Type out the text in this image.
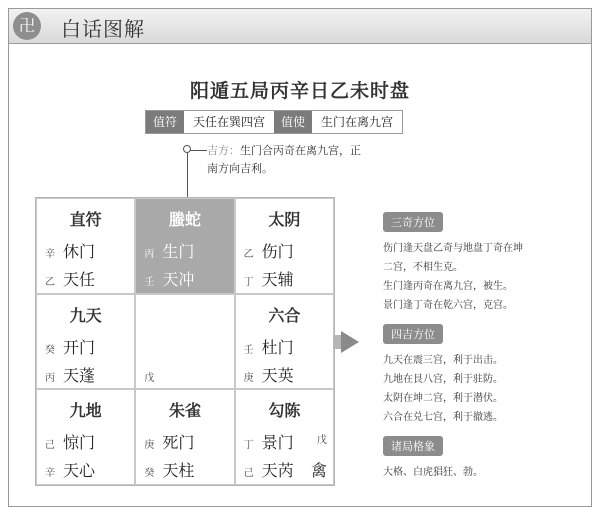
卍	白话图解
阳遁五局丙辛日乙未时盘
值符	天任在巽四宫	值使	生门在离九宫
吉方：生门合丙奇在离九宫，正南方向吉利。
直符
辛 休门
乙 天任
螣蛇
丙 生门
壬 天冲
太阴
乙 伤门
丁 天辅
九天
癸 开门
丙 天蓬	戊
六合
壬 杜门
庚 天英
九地
己 惊门
辛 天心
朱雀
庚 死门
癸 天柱
勾陈
丁 景门 戊
己 天芮 禽
三奇方位
伤门逢天盘乙奇与地盘丁奇在坤
二宫，不相生克。
生门逢丙奇在离九宫，被生。
景门逢丁奇在乾六宫，克宫。
四吉方位
九天在震三宫，利于出击。
九地在艮八宫，利于驻防。
太阴在坤二宫，利于潜伏。
六合在兑七宫，利于撤逃。
诸局格象
大格、白虎猖狂、勃。
